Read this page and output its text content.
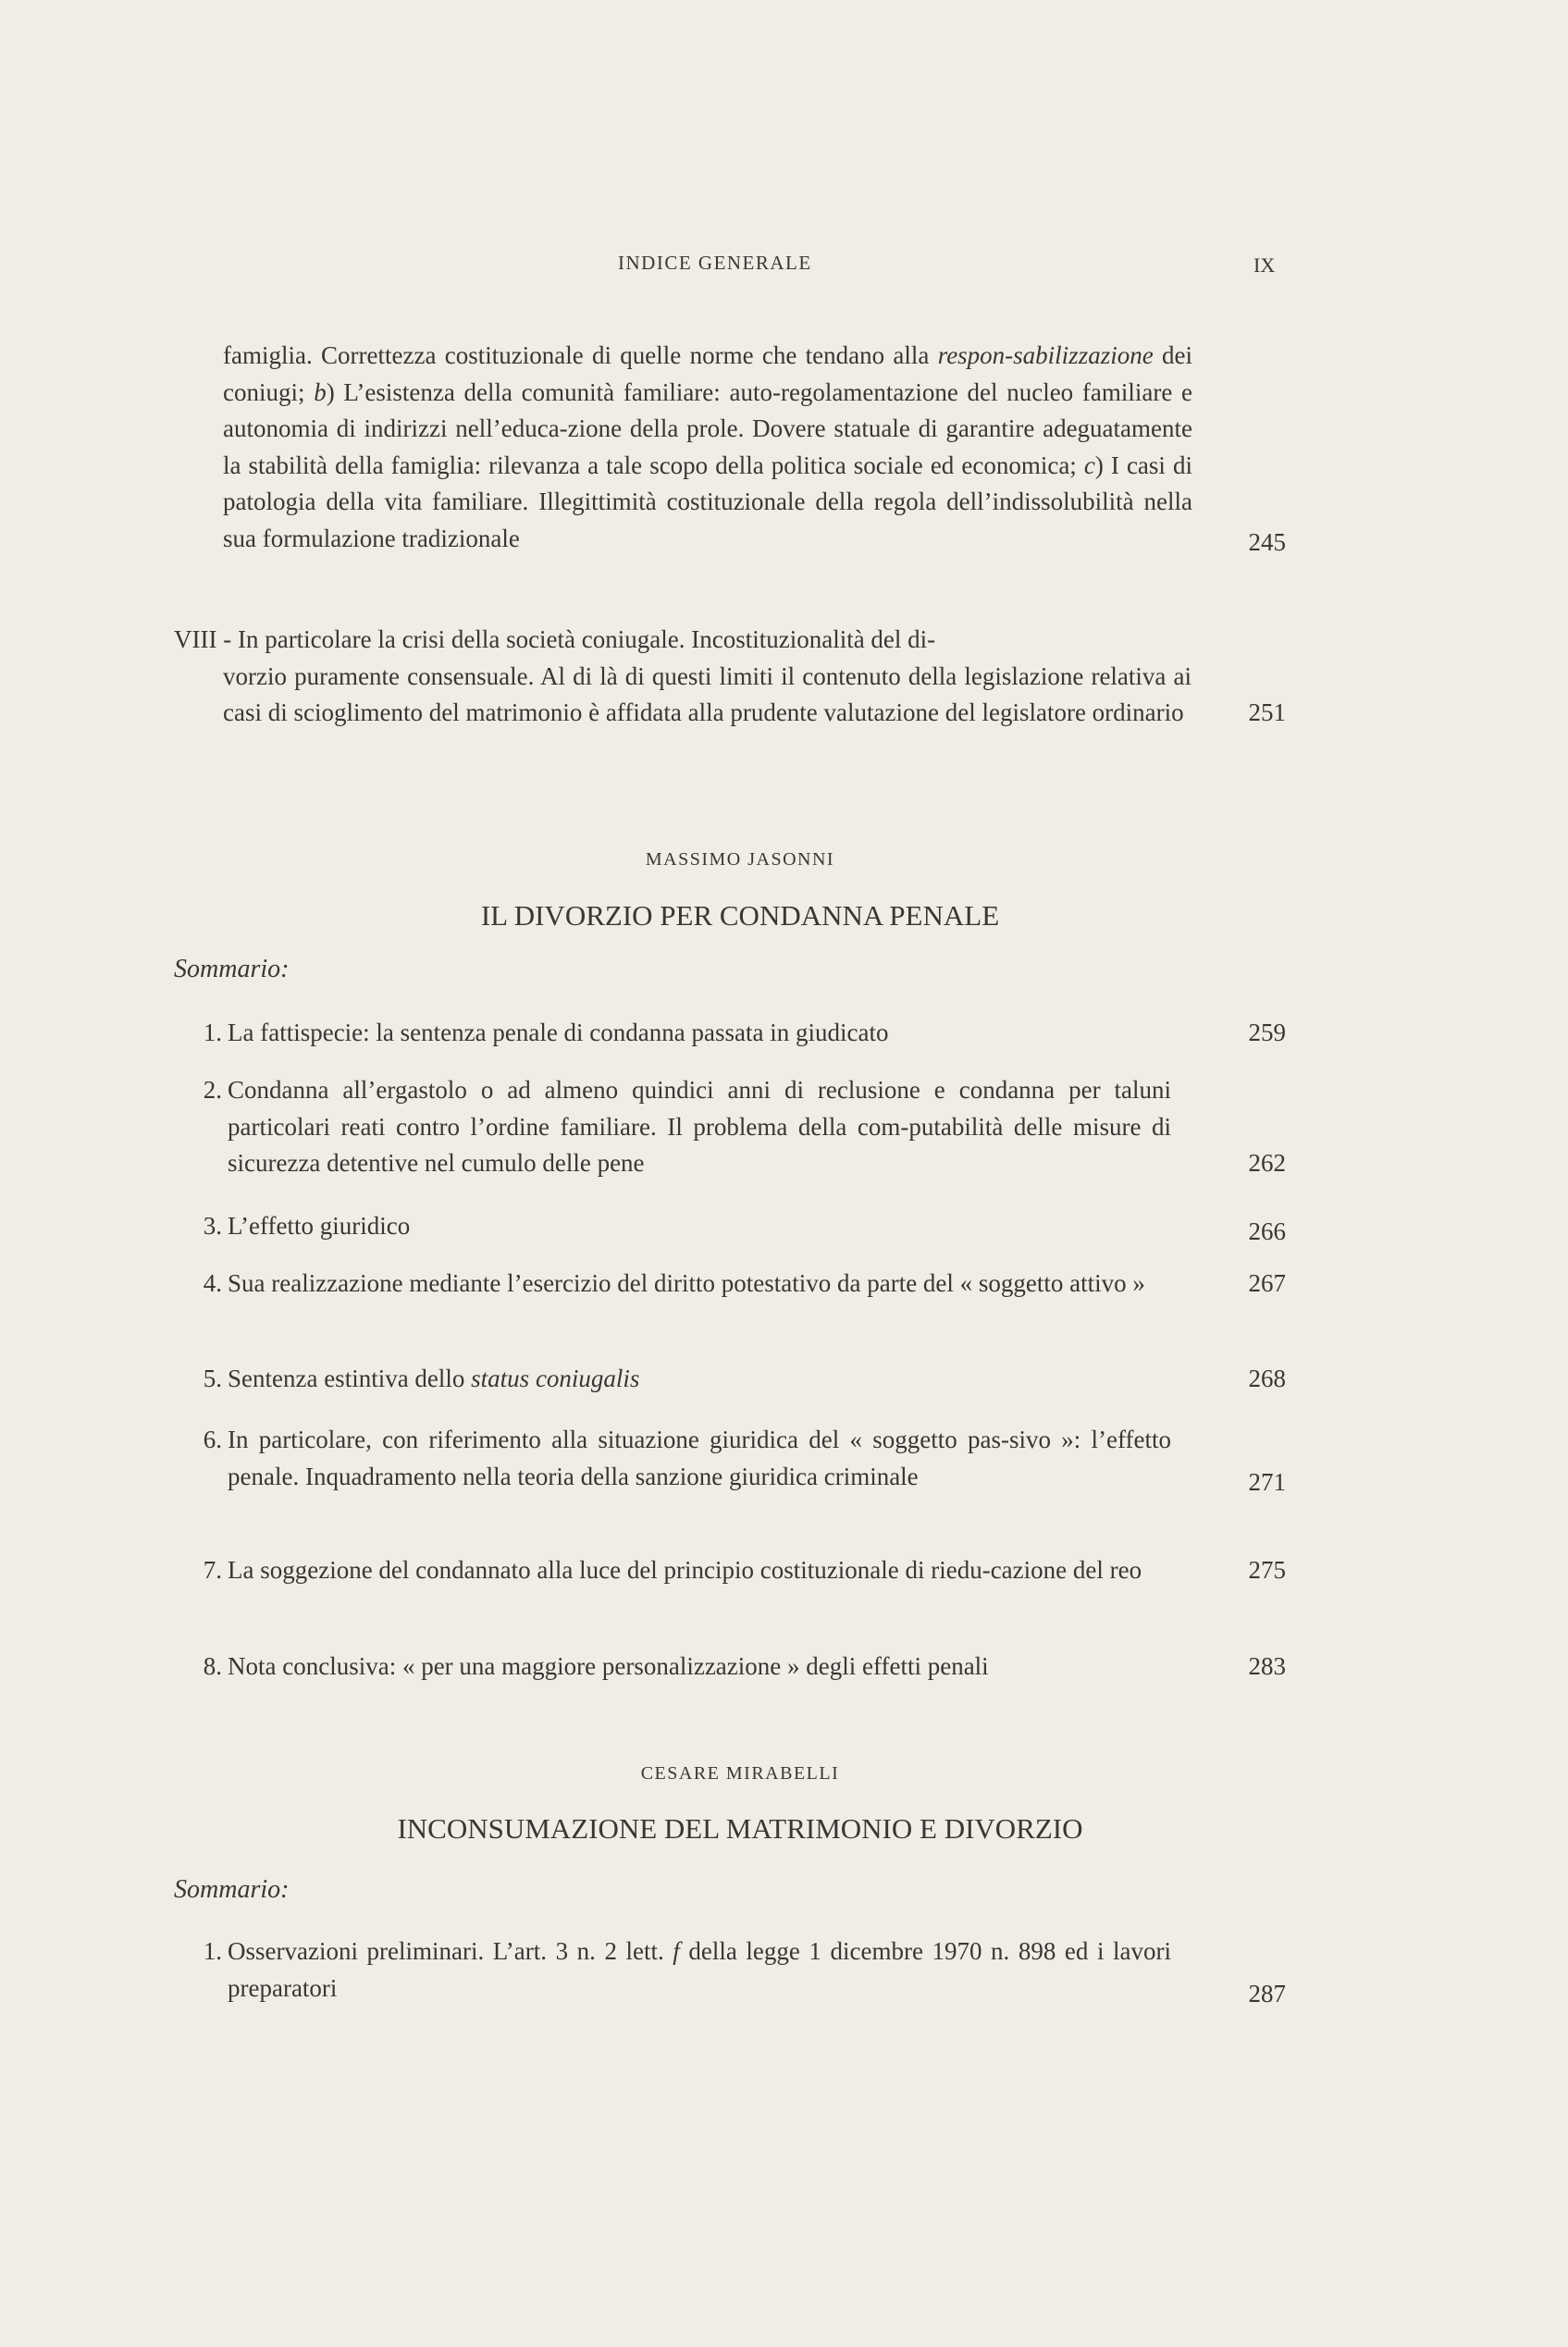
INDICE GENERALE	IX
famiglia. Correttezza costituzionale di quelle norme che tendano alla respon-sabilizzazione dei coniugi; b) L’esistenza della comunità familiare: auto-regolamentazione del nucleo familiare e autonomia di indirizzi nell’educa-zione della prole. Dovere statuale di garantire adeguatamente la stabilità della famiglia: rilevanza a tale scopo della politica sociale ed economica; c) I casi di patologia della vita familiare. Illegittimità costituzionale della regola dell’indissolubilità nella sua formulazione tradizionale	245
VIII - In particolare la crisi della società coniugale. Incostituzionalità del di-
vorzio puramente consensuale. Al di là di questi limiti il contenuto della legislazione relativa ai casi di scioglimento del matrimonio è affidata alla prudente valutazione del legislatore ordinario	251
MASSIMO JASONNI
IL DIVORZIO PER CONDANNA PENALE
Sommario:
1. La fattispecie: la sentenza penale di condanna passata in giudicato	259
2. Condanna all’ergastolo o ad almeno quindici anni di reclusione e condanna per taluni particolari reati contro l’ordine familiare. Il problema della com-putabilità delle misure di sicurezza detentive nel cumulo delle pene	262
3. L’effetto giuridico	266
4. Sua realizzazione mediante l’esercizio del diritto potestativo da parte del « soggetto attivo »	267
5. Sentenza estintiva dello status coniugalis	268
6. In particolare, con riferimento alla situazione giuridica del « soggetto pas-sivo »: l’effetto penale. Inquadramento nella teoria della sanzione giuridica criminale	271
7. La soggezione del condannato alla luce del principio costituzionale di riedu-cazione del reo	275
8. Nota conclusiva: « per una maggiore personalizzazione » degli effetti penali	283
CESARE MIRABELLI
INCONSUMAZIONE DEL MATRIMONIO E DIVORZIO
Sommario:
1. Osservazioni preliminari. L’art. 3 n. 2 lett. f della legge 1 dicembre 1970 n. 898 ed i lavori preparatori	287
